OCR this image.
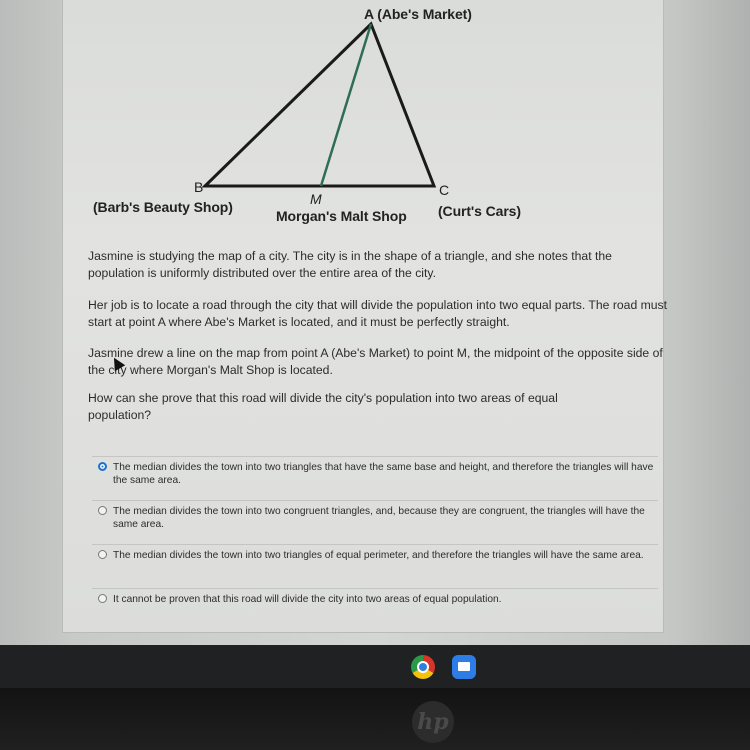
A (Abe's Market)
B
(Barb's Beauty Shop)
C
(Curt's Cars)
M
Morgan's Malt Shop
Jasmine is studying the map of a city. The city is in the shape of a triangle, and she notes that the population is uniformly distributed over the entire area of the city.
Her job is to locate a road through the city that will divide the population into two equal parts. The road must start at point A where Abe's Market is located, and it must be perfectly straight.
Jasmine drew a line on the map from point A (Abe's Market) to point M, the midpoint of the opposite side of the city where Morgan's Malt Shop is located.
How can she prove that this road will divide the city's population into two areas of equal population?
The median divides the town into two triangles that have the same base and height, and therefore the triangles will have the same area.
The median divides the town into two congruent triangles, and, because they are congruent, the triangles will have the same area.
The median divides the town into two triangles of equal perimeter, and therefore the triangles will have the same area.
It cannot be proven that this road will divide the city into two areas of equal population.
hp
